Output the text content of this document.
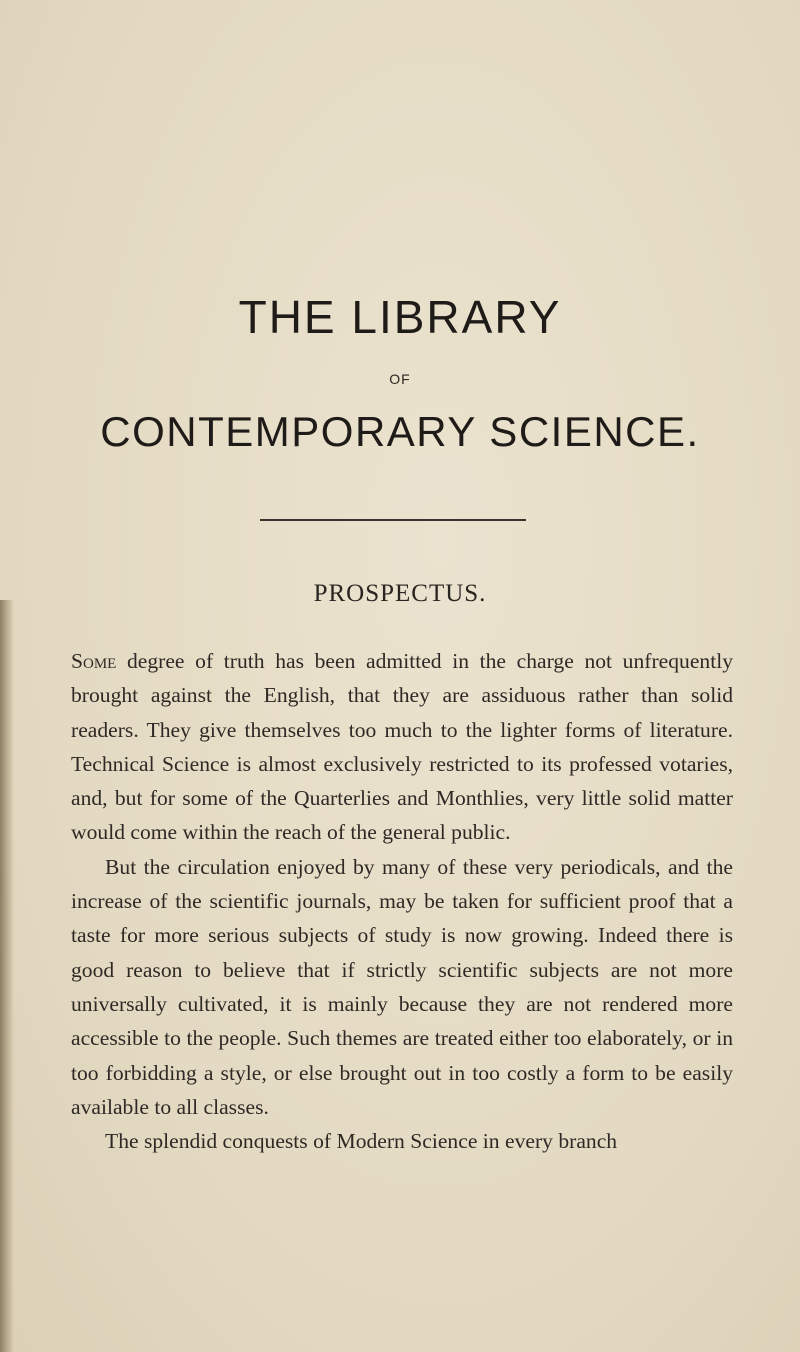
THE LIBRARY
OF
CONTEMPORARY SCIENCE.
PROSPECTUS.

Some degree of truth has been admitted in the charge not unfrequently brought against the English, that they are assiduous rather than solid readers. They give themselves too much to the lighter forms of literature. Technical Science is almost exclusively restricted to its professed votaries, and, but for some of the Quarterlies and Monthlies, very little solid matter would come within the reach of the general public.

But the circulation enjoyed by many of these very periodicals, and the increase of the scientific journals, may be taken for sufficient proof that a taste for more serious subjects of study is now growing. Indeed there is good reason to believe that if strictly scientific subjects are not more universally cultivated, it is mainly because they are not rendered more accessible to the people. Such themes are treated either too elaborately, or in too forbidding a style, or else brought out in too costly a form to be easily available to all classes.

The splendid conquests of Modern Science in every branch
